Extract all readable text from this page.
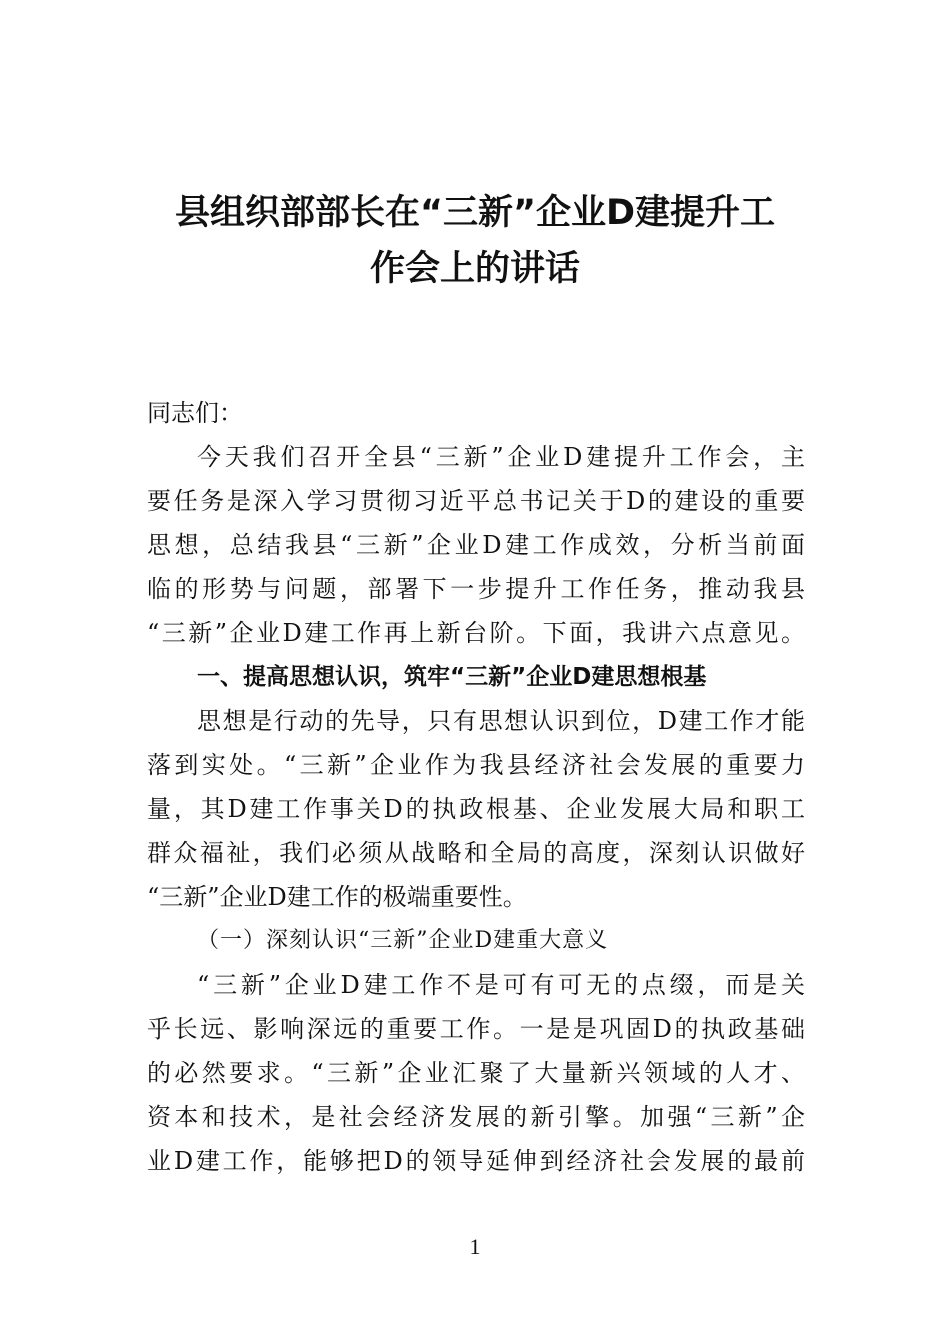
县组织部部长在“三新”企业D建提升工
作会上的讲话
同志们：
今天我们召开全县“三新”企业D建提升工作会，主
要任务是深入学习贯彻习近平总书记关于D的建设的重要
思想，总结我县“三新”企业D建工作成效，分析当前面
临的形势与问题，部署下一步提升工作任务，推动我县
“三新”企业D建工作再上新台阶。下面，我讲六点意见。
一、提高思想认识，筑牢“三新”企业D建思想根基
思想是行动的先导，只有思想认识到位，D建工作才能
落到实处。“三新”企业作为我县经济社会发展的重要力
量，其D建工作事关D的执政根基、企业发展大局和职工
群众福祉，我们必须从战略和全局的高度，深刻认识做好
“三新”企业D建工作的极端重要性。
（一）深刻认识“三新”企业D建重大意义
“三新”企业D建工作不是可有可无的点缀，而是关
乎长远、影响深远的重要工作。一是是巩固D的执政基础
的必然要求。“三新”企业汇聚了大量新兴领域的人才、
资本和技术，是社会经济发展的新引擎。加强“三新”企
业D建工作，能够把D的领导延伸到经济社会发展的最前
1
